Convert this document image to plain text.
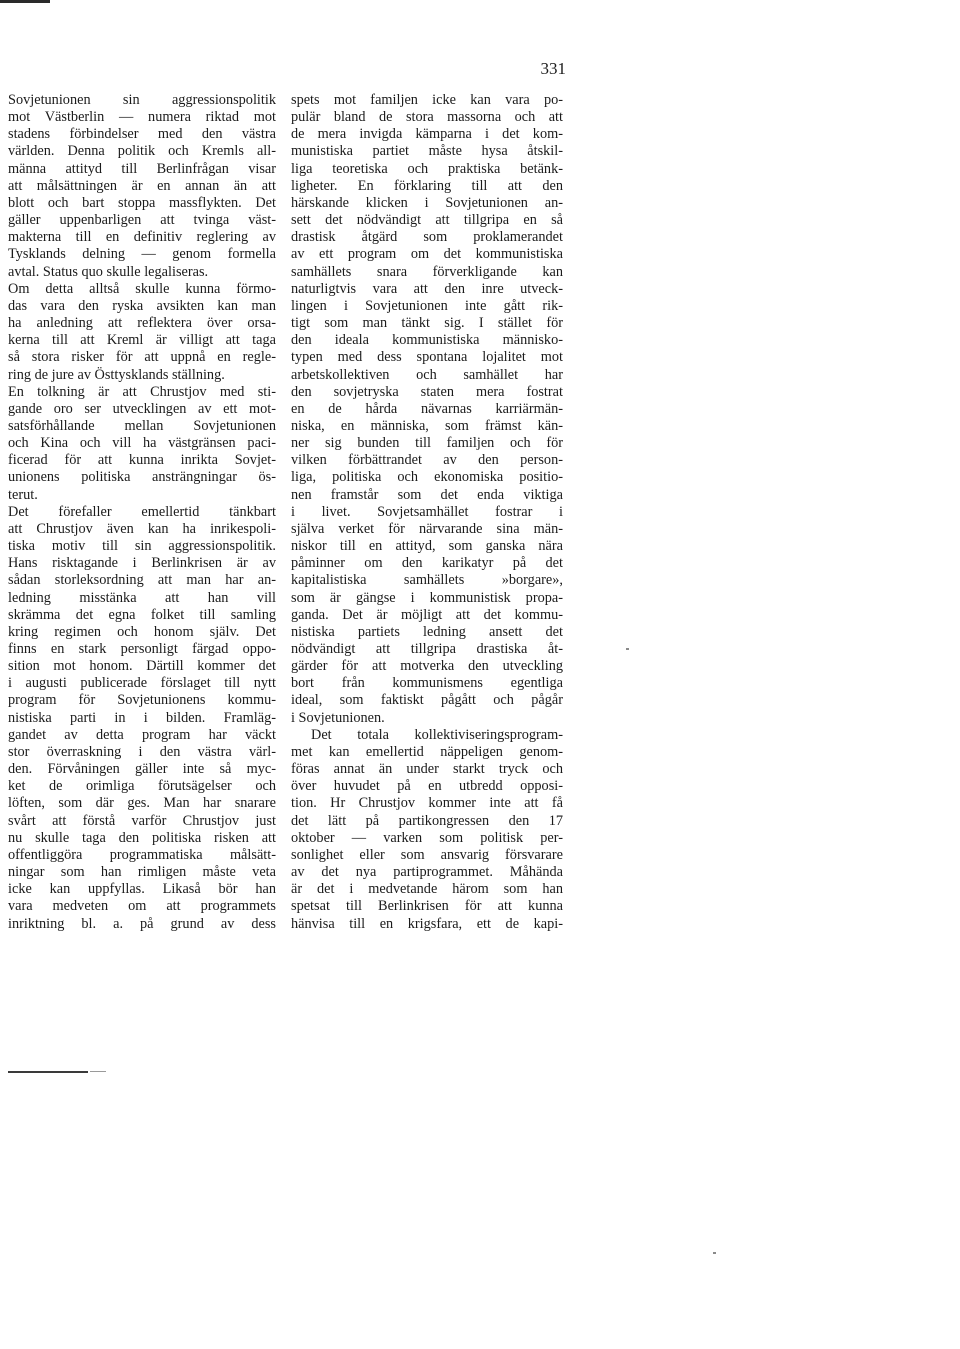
331

Sovjetunionen sin aggressionspolitik
mot Västberlin — numera riktad mot
stadens förbindelser med den västra
världen. Denna politik och Kremls all-
männa attityd till Berlinfrågan visar
att målsättningen är en annan än att
blott och bart stoppa massflykten. Det
gäller uppenbarligen att tvinga väst-
makterna till en definitiv reglering av
Tysklands delning — genom formella
avtal. Status quo skulle legaliseras.

Om detta alltså skulle kunna förmo-
das vara den ryska avsikten kan man
ha anledning att reflektera över orsa-
kerna till att Kreml är villigt att taga
så stora risker för att uppnå en regle-
ring de jure av Östtysklands ställning.

En tolkning är att Chrustjov med sti-
gande oro ser utvecklingen av ett mot-
satsförhållande mellan Sovjetunionen
och Kina och vill ha västgränsen paci-
ficerad för att kunna inrikta Sovjet-
unionens politiska ansträngningar ös-
terut.

Det förefaller emellertid tänkbart
att Chrustjov även kan ha inrikespoli-
tiska motiv till sin aggressionspolitik.
Hans risktagande i Berlinkrisen är av
sådan storleksordning att man har an-
ledning misstänka att han vill
skrämma det egna folket till samling
kring regimen och honom själv. Det
finns en stark personligt färgad oppo-
sition mot honom. Därtill kommer det
i augusti publicerade förslaget till nytt
program för Sovjetunionens kommu-
nistiska parti in i bilden. Framläg-
gandet av detta program har väckt
stor överraskning i den västra värl-
den. Förvåningen gäller inte så myc-
ket de orimliga förutsägelser och
löften, som där ges. Man har snarare
svårt att förstå varför Chrustjov just
nu skulle taga den politiska risken att
offentliggöra programmatiska målsätt-
ningar som han rimligen måste veta
icke kan uppfyllas. Likaså bör han
vara medveten om att programmets
inriktning bl. a. på grund av dess

spets mot familjen icke kan vara po-
pulär bland de stora massorna och att
de mera invigda kämparna i det kom-
munistiska partiet måste hysa åtskil-
liga teoretiska och praktiska betänk-
ligheter. En förklaring till att den
härskande klicken i Sovjetunionen an-
sett det nödvändigt att tillgripa en så
drastisk åtgärd som proklamerandet
av ett program om det kommunistiska
samhällets snara förverkligande kan
naturligtvis vara att den inre utveck-
lingen i Sovjetunionen inte gått rik-
tigt som man tänkt sig. I stället för
den ideala kommunistiska människo-
typen med dess spontana lojalitet mot
arbetskollektiven och samhället har
den sovjetryska staten mera fostrat
en de hårda nävarnas karriärmän-
niska, en människa, som främst kän-
ner sig bunden till familjen och för
vilken förbättrandet av den person-
liga, politiska och ekonomiska positio-
nen framstår som det enda viktiga
i livet. Sovjetsamhället fostrar i
själva verket för närvarande sina män-
niskor till en attityd, som ganska nära
påminner om den karikatyr på det
kapitalistiska samhällets »borgare»,
som är gängse i kommunistisk propa-
ganda. Det är möjligt att det kommu-
nistiska partiets ledning ansett det
nödvändigt att tillgripa drastiska åt-
gärder för att motverka den utveckling
bort från kommunismens egentliga
ideal, som faktiskt pågått och pågår
i Sovjetunionen.

Det totala kollektiviseringsprogram-
met kan emellertid näppeligen genom-
föras annat än under starkt tryck och
över huvudet på en utbredd opposi-
tion. Hr Chrustjov kommer inte att få
det lätt på partikongressen den 17
oktober — varken som politisk per-
sonlighet eller som ansvarig försvarare
av det nya partiprogrammet. Måhända
är det i medvetande härom som han
spetsat till Berlinkrisen för att kunna
hänvisa till en krigsfara, ett de kapi-
